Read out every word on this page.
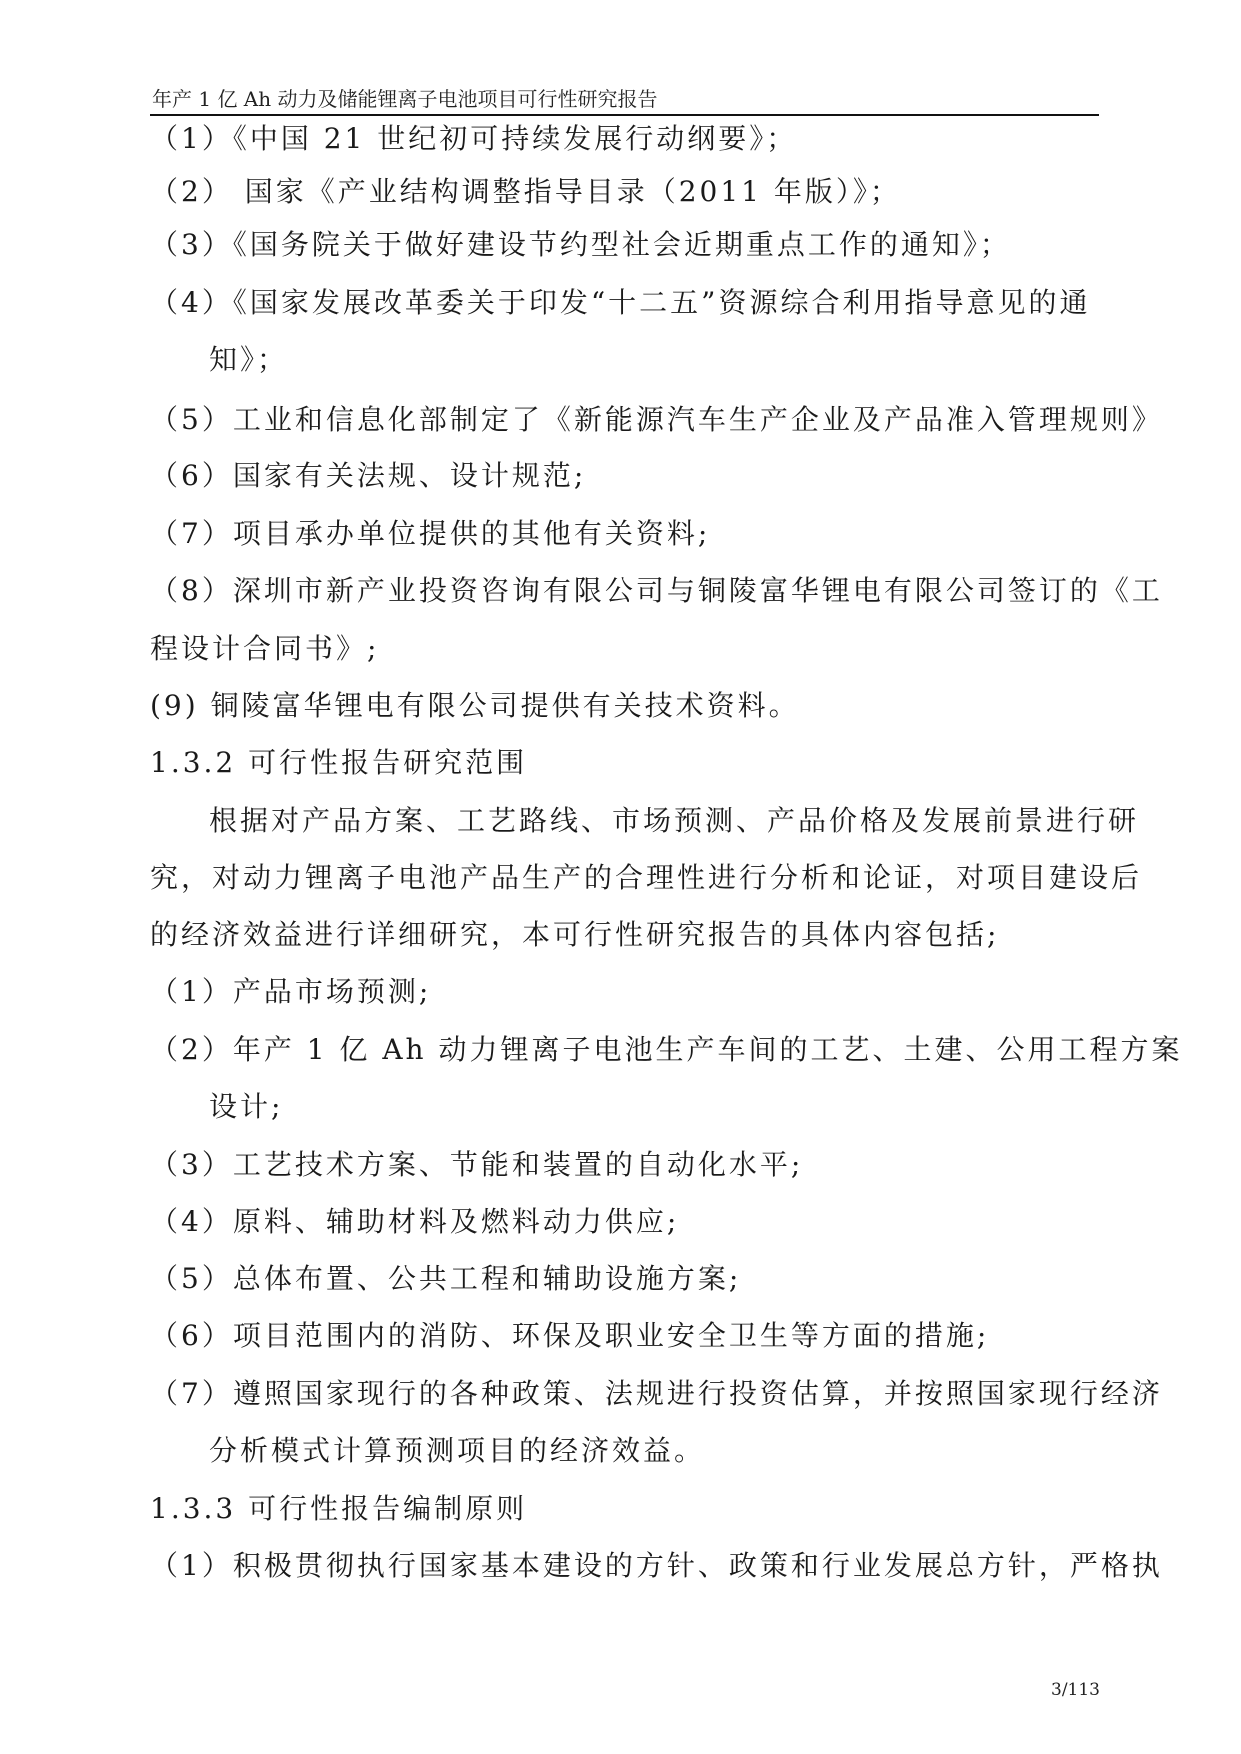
年产 1 亿 Ah 动力及储能锂离子电池项目可行性研究报告
（1）《中国 21 世纪初可持续发展行动纲要》；
（2） 国家《产业结构调整指导目录（2011 年版）》；
（3）《国务院关于做好建设节约型社会近期重点工作的通知》；
（4）《国家发展改革委关于印发“十二五”资源综合利用指导意见的通
知》；
（5）工业和信息化部制定了《新能源汽车生产企业及产品准入管理规则》
（6）国家有关法规、设计规范;
（7）项目承办单位提供的其他有关资料;
（8）深圳市新产业投资咨询有限公司与铜陵富华锂电有限公司签订的《工
程设计合同书》;
(9) 铜陵富华锂电有限公司提供有关技术资料。
1.3.2 可行性报告研究范围
根据对产品方案、工艺路线、市场预测、产品价格及发展前景进行研
究，对动力锂离子电池产品生产的合理性进行分析和论证，对项目建设后
的经济效益进行详细研究，本可行性研究报告的具体内容包括;
（1）产品市场预测;
（2）年产 1 亿 Ah 动力锂离子电池生产车间的工艺、土建、公用工程方案
设计;
（3）工艺技术方案、节能和装置的自动化水平;
（4）原料、辅助材料及燃料动力供应;
（5）总体布置、公共工程和辅助设施方案;
（6）项目范围内的消防、环保及职业安全卫生等方面的措施;
（7）遵照国家现行的各种政策、法规进行投资估算，并按照国家现行经济
分析模式计算预测项目的经济效益。
1.3.3 可行性报告编制原则
（1）积极贯彻执行国家基本建设的方针、政策和行业发展总方针，严格执
3/113
